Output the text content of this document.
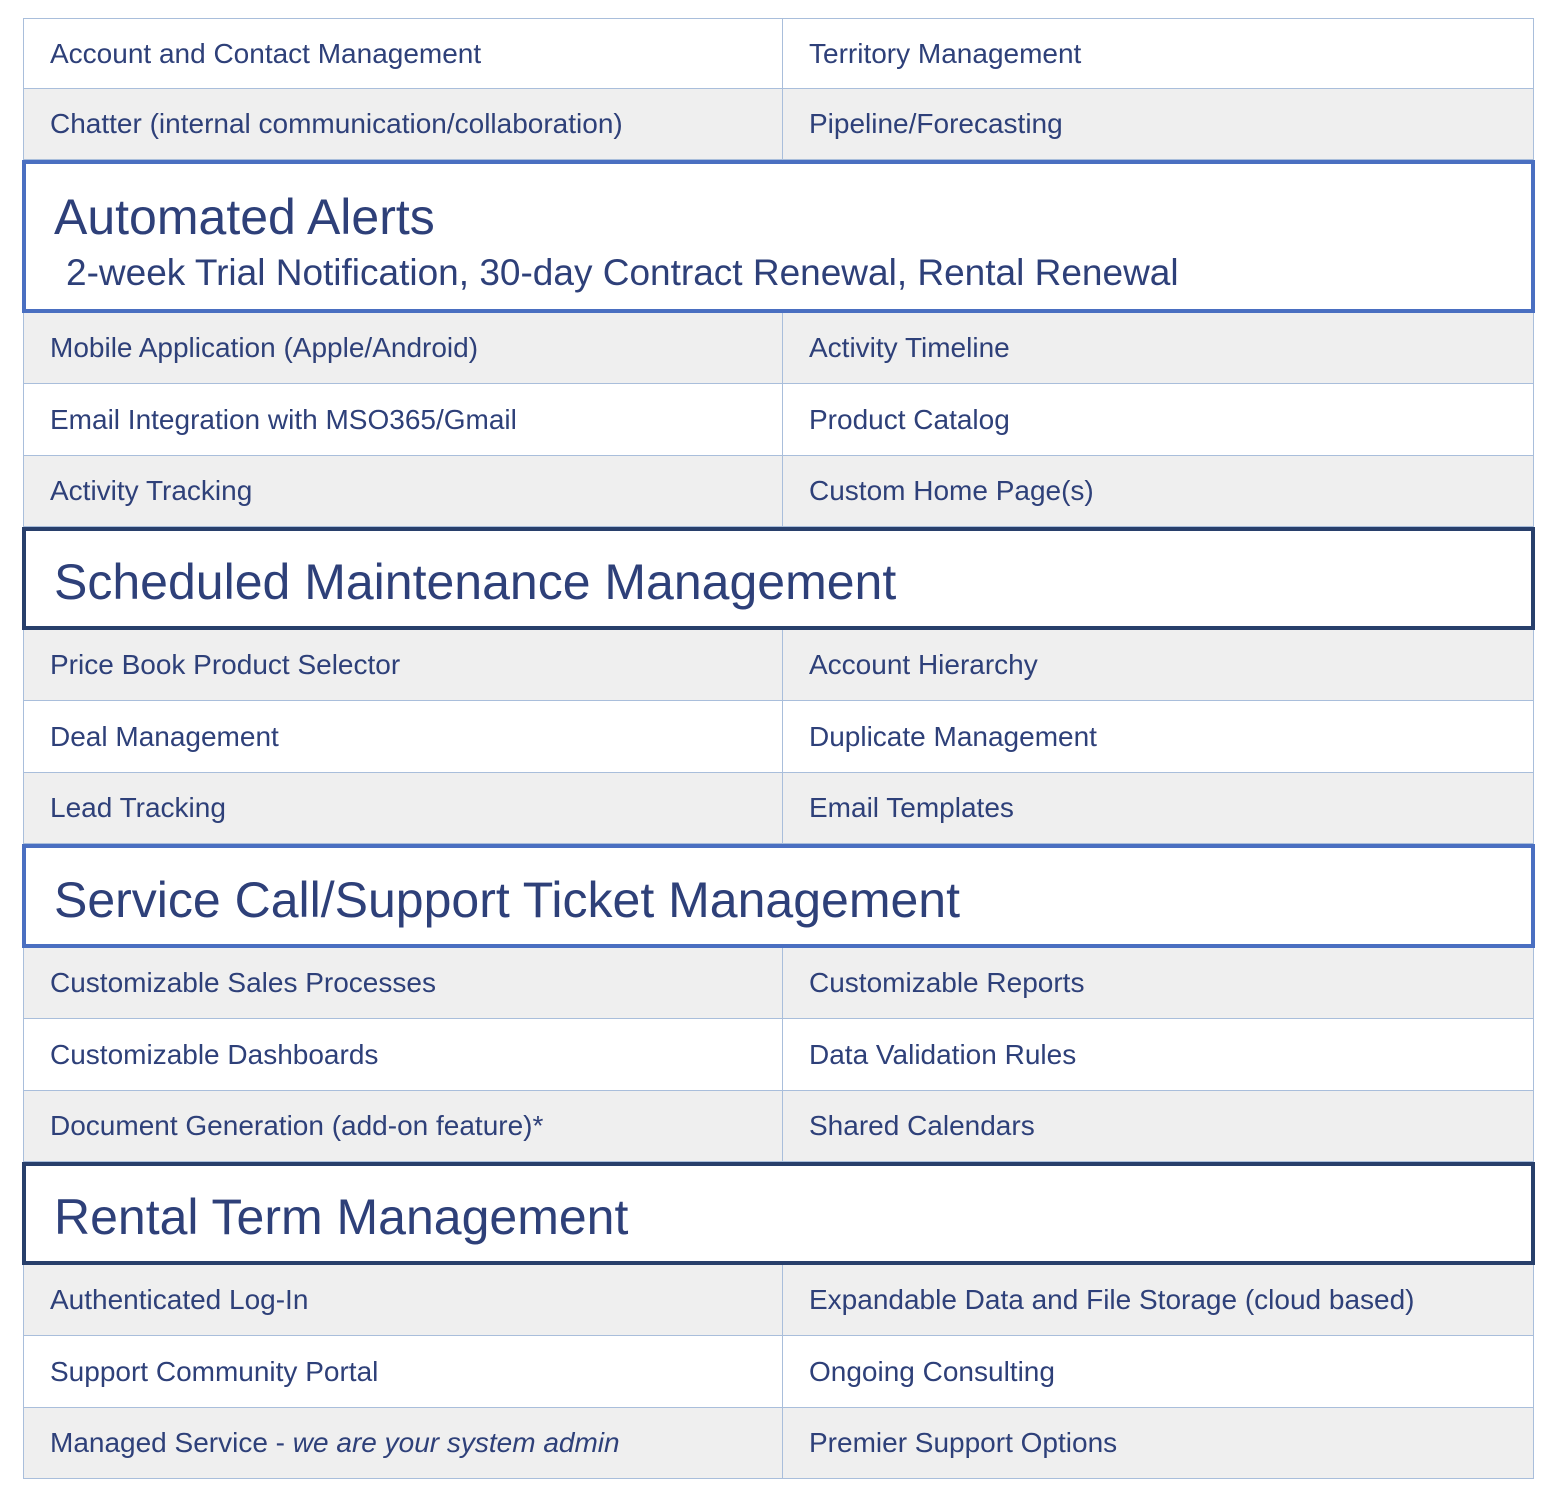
Account and Contact Management	Territory Management
Chatter (internal communication/collaboration)	Pipeline/Forecasting
Automated Alerts
2-week Trial Notification, 30-day Contract Renewal, Rental Renewal
Mobile Application (Apple/Android)	Activity Timeline
Email Integration with MSO365/Gmail	Product Catalog
Activity Tracking	Custom Home Page(s)
Scheduled Maintenance Management
Price Book Product Selector	Account Hierarchy
Deal Management	Duplicate Management
Lead Tracking	Email Templates
Service Call/Support Ticket Management
Customizable Sales Processes	Customizable Reports
Customizable Dashboards	Data Validation Rules
Document Generation (add-on feature)*	Shared Calendars
Rental Term Management
Authenticated Log-In	Expandable Data and File Storage (cloud based)
Support Community Portal	Ongoing Consulting
Managed Service - we are your system admin	Premier Support Options
